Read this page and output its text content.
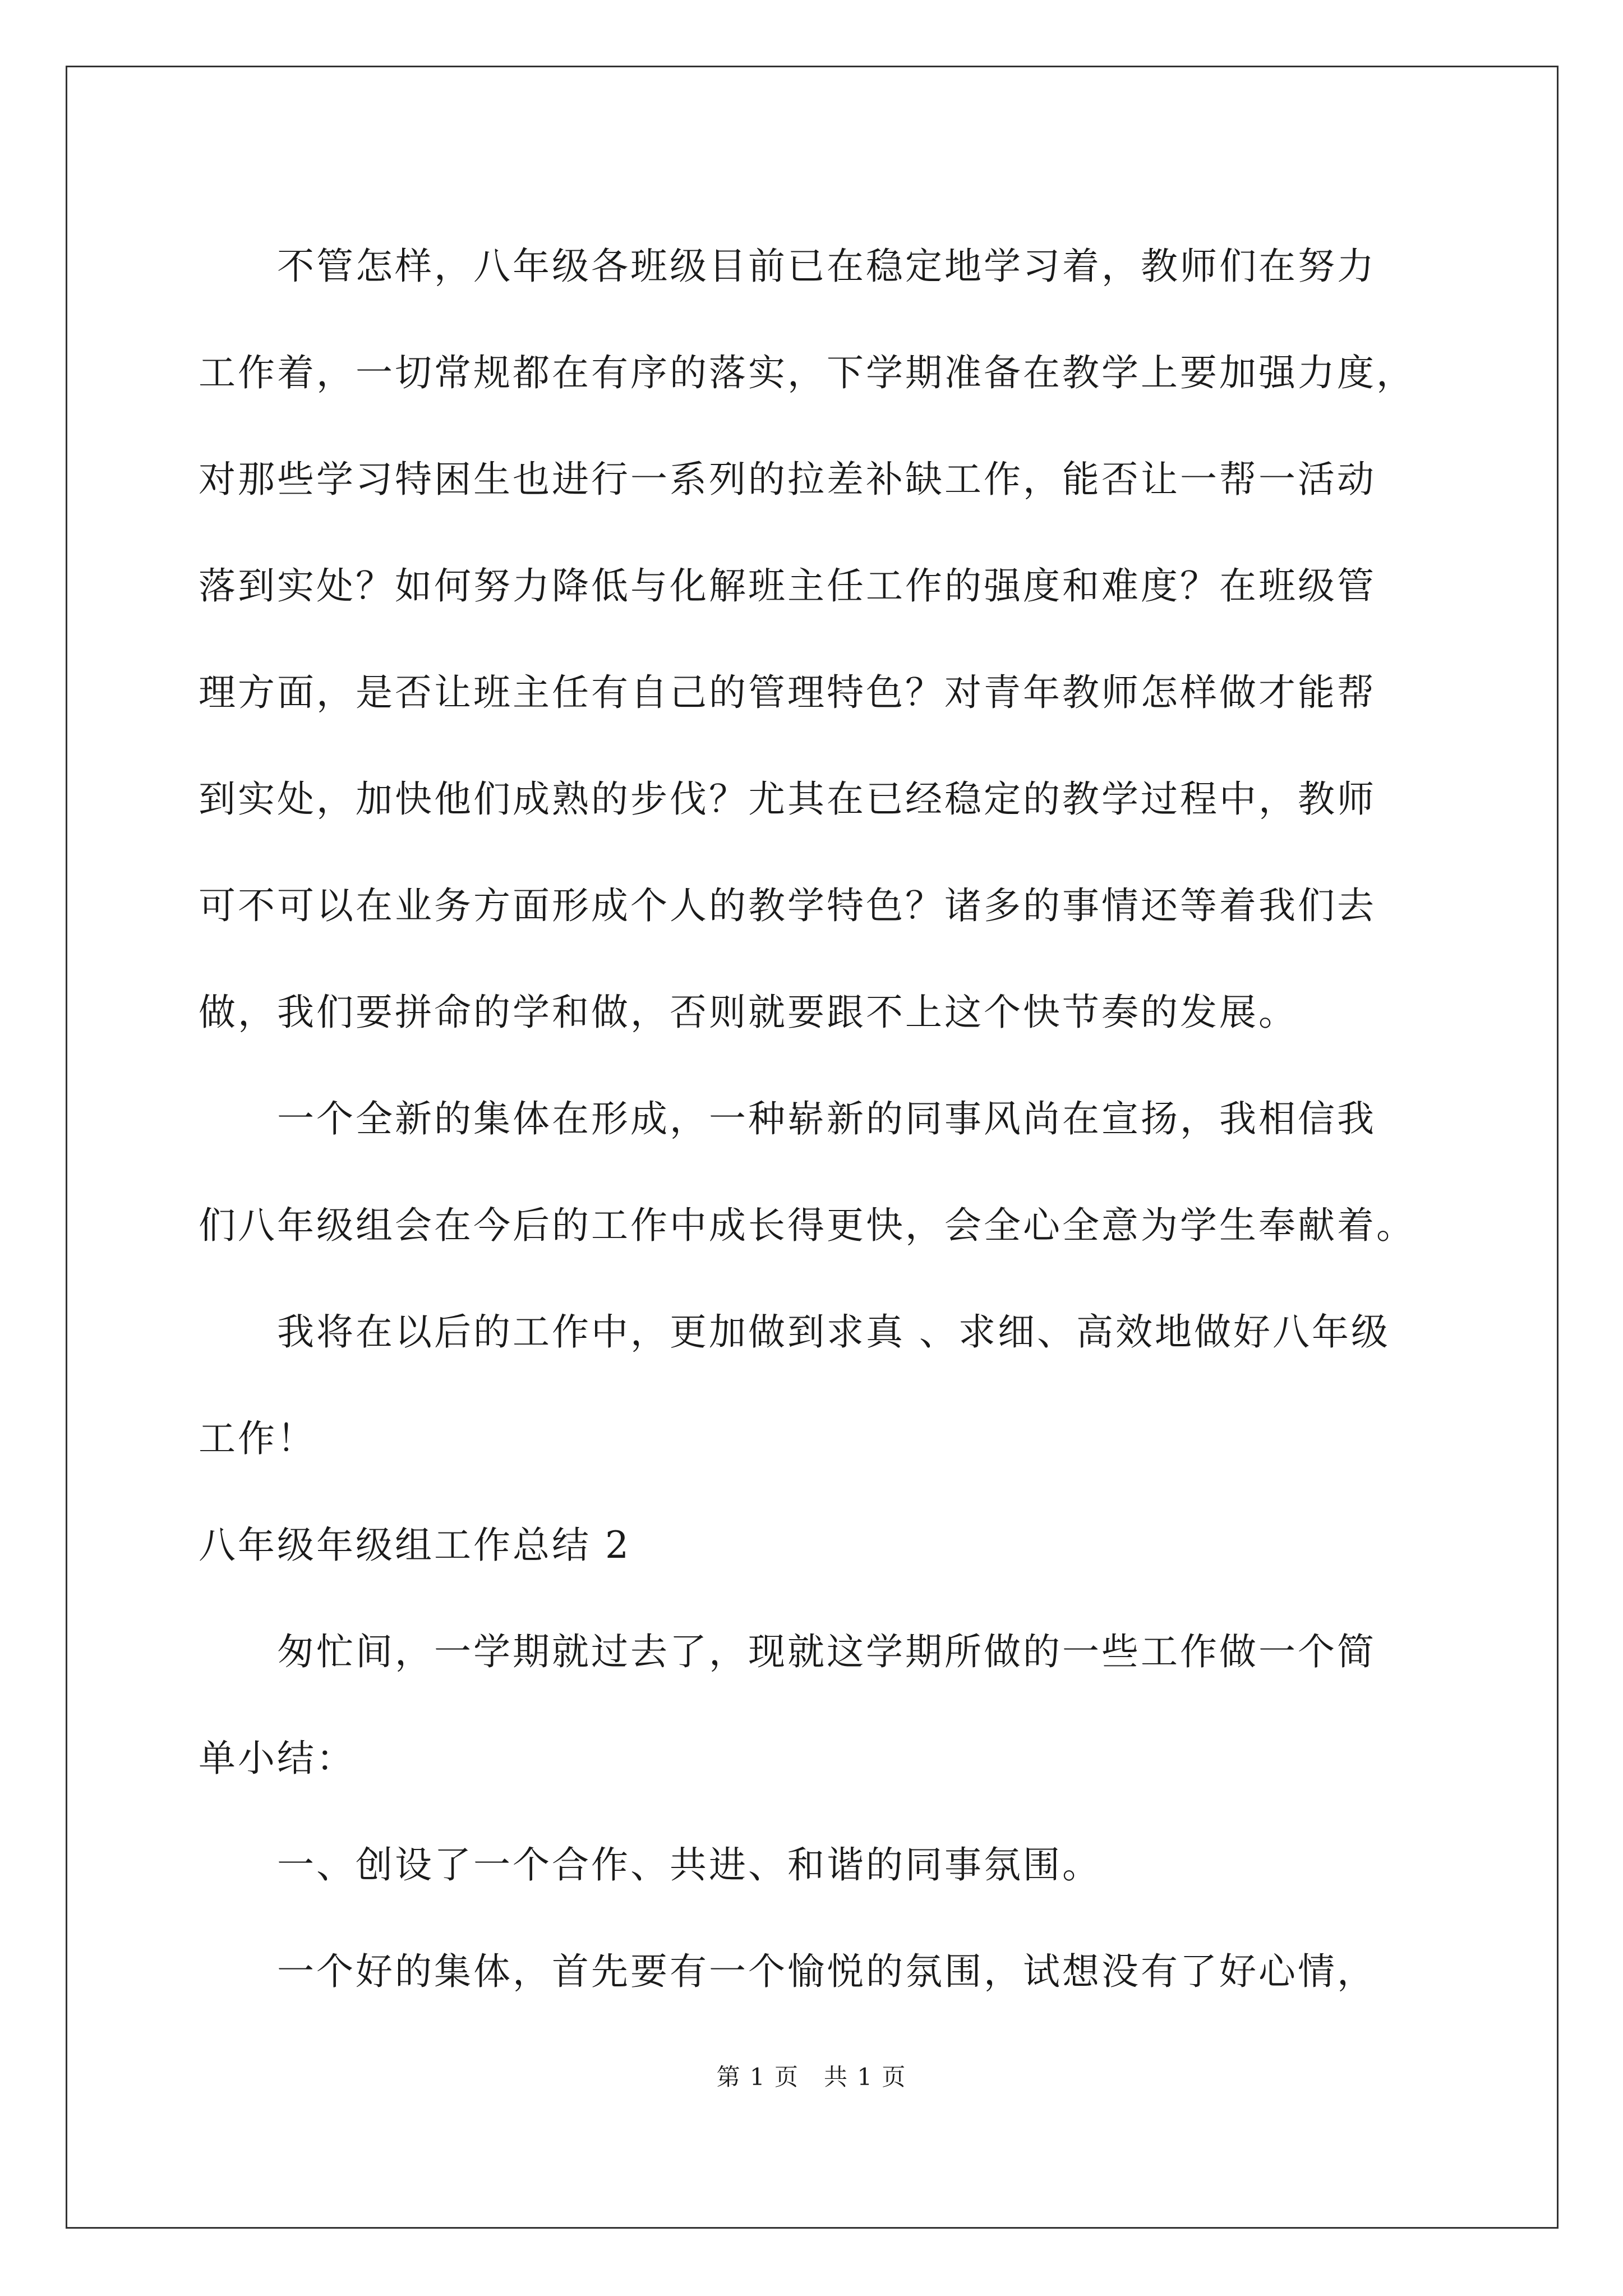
不管怎样，八年级各班级目前已在稳定地学习着，教师们在努力
工作着，一切常规都在有序的落实，下学期准备在教学上要加强力度，
对那些学习特困生也进行一系列的拉差补缺工作，能否让一帮一活动
落到实处？如何努力降低与化解班主任工作的强度和难度？在班级管
理方面，是否让班主任有自己的管理特色？对青年教师怎样做才能帮
到实处，加快他们成熟的步伐？尤其在已经稳定的教学过程中，教师
可不可以在业务方面形成个人的教学特色？诸多的事情还等着我们去
做，我们要拼命的学和做，否则就要跟不上这个快节奏的发展。
一个全新的集体在形成，一种崭新的同事风尚在宣扬，我相信我
们八年级组会在今后的工作中成长得更快，会全心全意为学生奉献着。
我将在以后的工作中，更加做到求真 、求细、高效地做好八年级
工作！
八年级年级组工作总结 2
匆忙间，一学期就过去了，现就这学期所做的一些工作做一个简
单小结：
一、创设了一个合作、共进、和谐的同事氛围。
一个好的集体，首先要有一个愉悦的氛围，试想没有了好心情，
第 1 页　共 1 页
